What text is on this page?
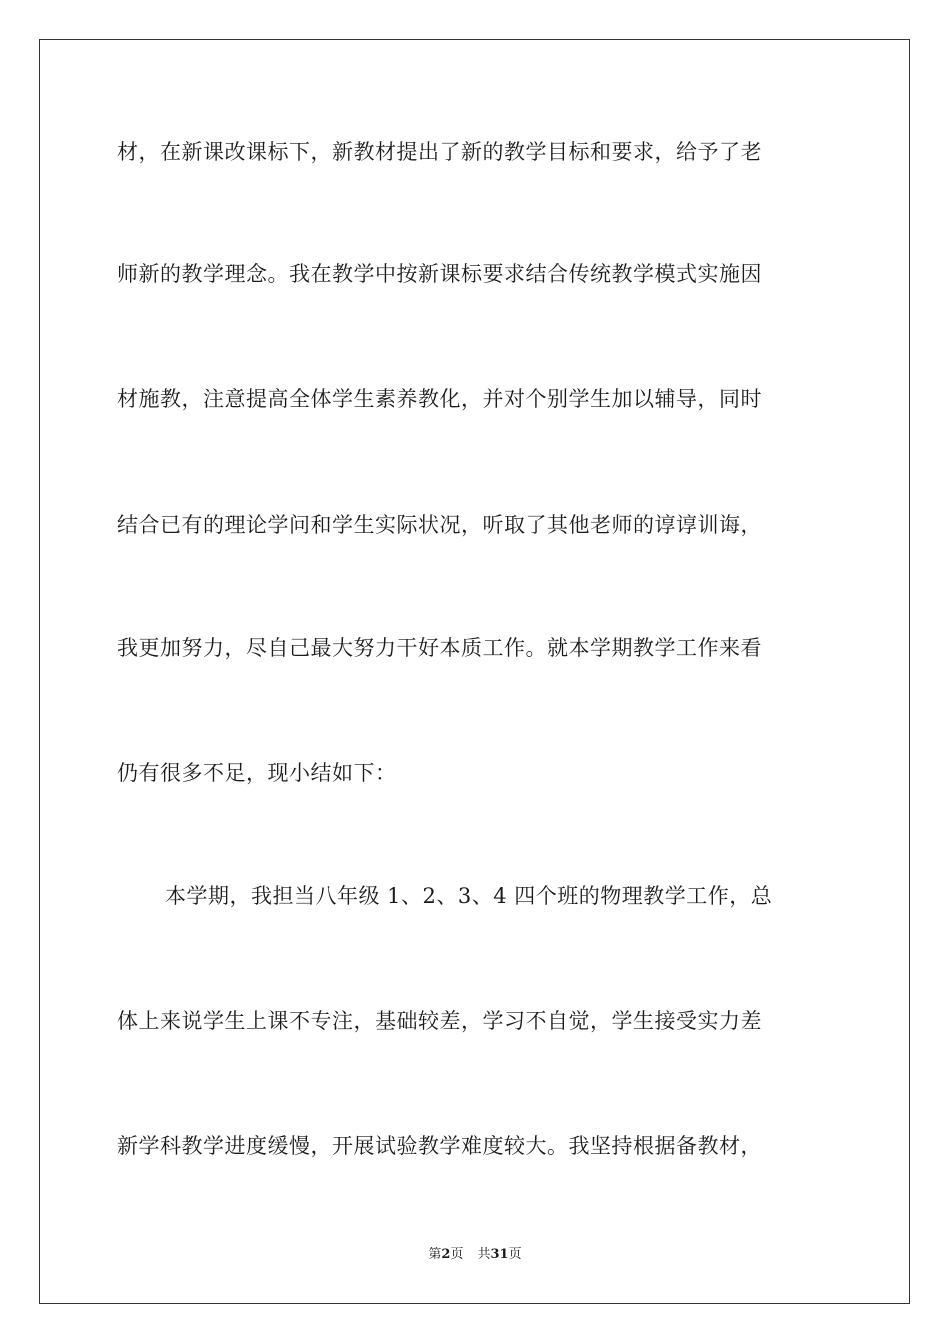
材，在新课改课标下，新教材提出了新的教学目标和要求，给予了老
师新的教学理念。我在教学中按新课标要求结合传统教学模式实施因
材施教，注意提高全体学生素养教化，并对个别学生加以辅导，同时
结合已有的理论学问和学生实际状况，听取了其他老师的谆谆训诲，
我更加努力，尽自己最大努力干好本质工作。就本学期教学工作来看
仍有很多不足，现小结如下：
本学期，我担当八年级 1、2、3、4 四个班的物理教学工作，总
体上来说学生上课不专注，基础较差，学习不自觉，学生接受实力差
新学科教学进度缓慢，开展试验教学难度较大。我坚持根据备教材，
第2页 共31页
